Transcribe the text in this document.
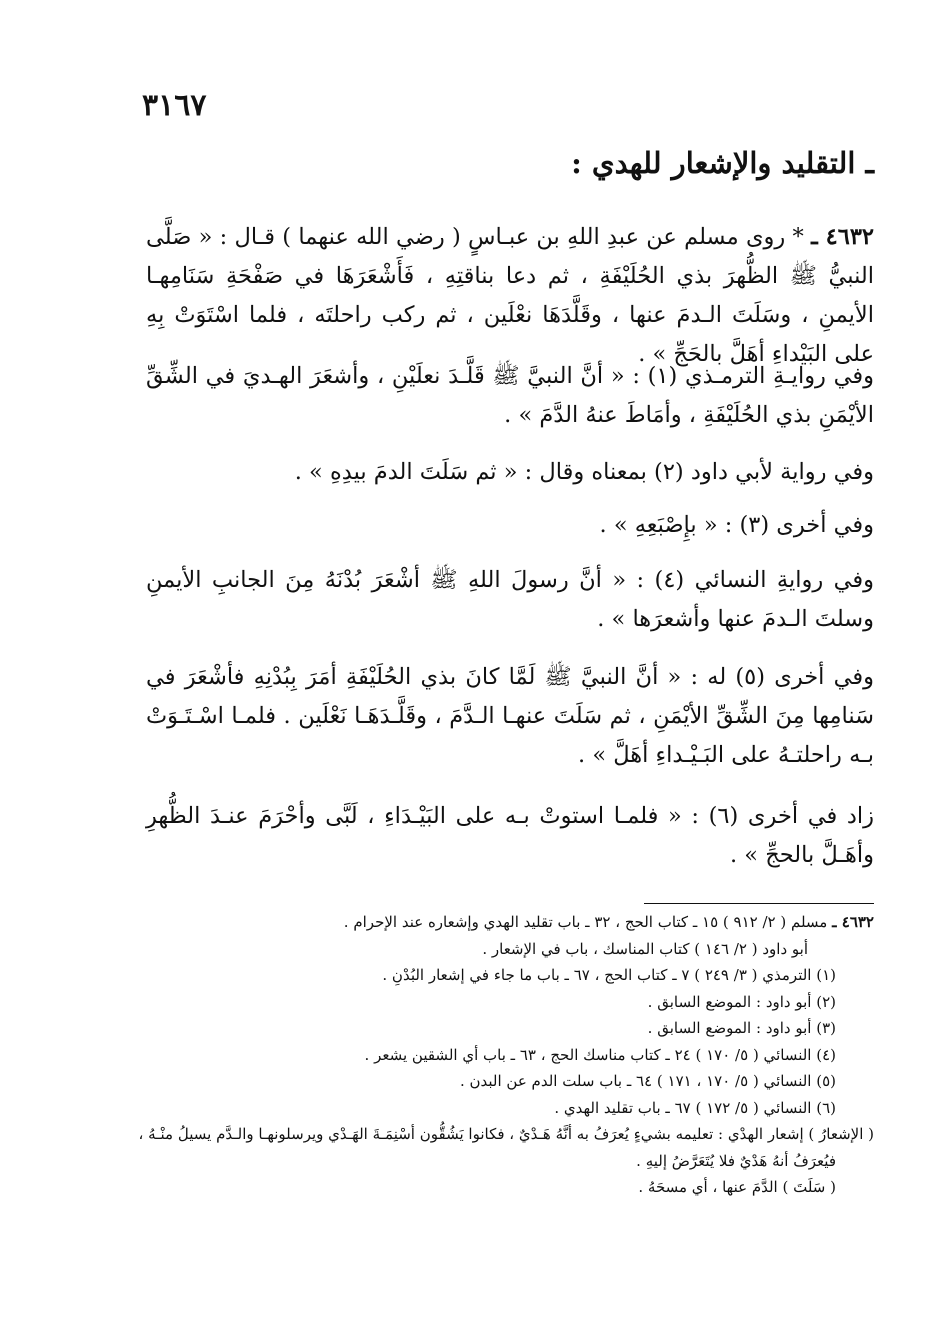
٣١٦٧
ـ التقليد والإشعار للهدي :
٤٦٣٢ ـ * روى مسلم عن عبدِ اللهِ بن عبـاسٍ ( رضي الله عنهما ) قـال : « صَلَّى النبيُّ ﷺ الظُّهرَ بذي الحُلَيْفَةِ ، ثم دعا بناقتِهِ ، فَأَشْعَرَهَا في صَفْحَةِ سَنَامِهـا الأيمنِ ، وسَلَتَ الـدمَ عنها ، وقَلَّدَهَا نعْلَين ، ثم ركب راحلتَه ، فلما اسْتَوَتْ بِهِ على البَيْداءِ أهَلَّ بالحَجِّ » .
وفي روايـةِ الترمـذي (١) : « أنَّ النبيَّ ﷺ قَلَّـدَ نعلَيْنِ ، وأشعَرَ الهـديَ في الشِّقِّ الأيْمَنِ بذي الحُلَيْفَةِ ، وأمَاطَ عنهُ الدَّمَ » .
وفي رواية لأبي داود (٢) بمعناه وقال : « ثم سَلَتَ الدمَ بيدِهِ » .
وفي أخرى (٣) : « بإِصْبَعِهِ » .
وفي روايةِ النسائي (٤) : « أنَّ رسولَ اللهِ ﷺ أشْعَرَ بُدْنَهُ مِنَ الجانبِ الأيمنِ وسلتَ الـدمَ عنها وأشعرَها » .
وفي أخرى (٥) له : « أنَّ النبيَّ ﷺ لَمَّا كانَ بذي الحُلَيْفَةِ أمَرَ بِبُدْنِهِ فأشْعَرَ في سَنامِها مِنَ الشِّقِّ الأيْمَنِ ، ثم سَلَتَ عنهـا الـدَّمَ ، وقَلَّـدَهَـا نَعْلَين . فلمـا اسْـتَـوَتْ بـه راحلتـهُ على البَـيْـداءِ أهَلَّ » .
زاد في أخرى (٦) : « فلمـا استوتْ بـه على البَيْـدَاءِ ، لَبَّى وأحْرَمَ عنـدَ الظُّهرِ وأهَـلَّ بالحجِّ » .
٤٦٣٢ ـ مسلم ( ٢/ ٩١٢ ) ١٥ ـ كتاب الحج ، ٣٢ ـ باب تقليد الهدي وإشعاره عند الإحرام .
أبو داود ( ٢/ ١٤٦ ) كتاب المناسك ، باب في الإشعار .
(١) الترمذي ( ٣/ ٢٤٩ ) ٧ ـ كتاب الحج ، ٦٧ ـ باب ما جاء في إشعار البُدْنِ .
(٢) أبو داود : الموضع السابق .
(٣) أبو داود : الموضع السابق .
(٤) النسائي ( ٥/ ١٧٠ ) ٢٤ ـ كتاب مناسك الحج ، ٦٣ ـ باب أي الشقين يشعر .
(٥) النسائي ( ٥/ ١٧٠ ، ١٧١ ) ٦٤ ـ باب سلت الدم عن البدن .
(٦) النسائي ( ٥/ ١٧٢ ) ٦٧ ـ باب تقليد الهدي .
( الإشعارُ ) إشعار الهدْي : تعليمه بشيءٍ يُعرَفُ به أنَّهُ هَـدْيٌ ، فكانوا يَشُقُّون أسْنِمَـةَ الهَـدْي ويرسلونهـا والـدَّم يسيلُ منْـهُ ،
فيُعرَفُ أنهُ هَدْيٌ فلا يُتَعَرَّضُ إليهِ .
( سَلَتَ ) الدَّمَ عنها ، أي مسحَهُ .
